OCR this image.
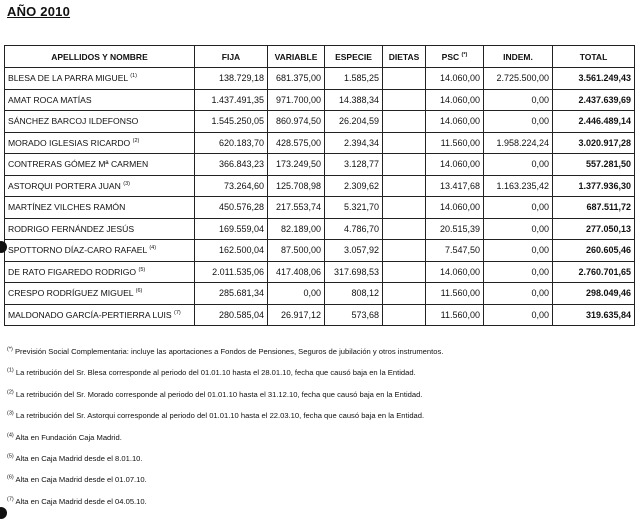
AÑO 2010
APELLIDOS Y NOMBRE	FIJA	VARIABLE	ESPECIE	DIETAS	PSC (*)	INDEM.	TOTAL
BLESA DE LA PARRA MIGUEL $^{(1)}$	138.729,18	681.375,00	1.585,25		14.060,00	2.725.500,00	3.561.249,43
AMAT ROCA MATÍAS	1.437.491,35	971.700,00	14.388,34		14.060,00	0,00	2.437.639,69
SÁNCHEZ BARCOJ ILDEFONSO	1.545.250,05	860.974,50	26.204,59		14.060,00	0,00	2.446.489,14
MORADO IGLESIAS RICARDO $^{(2)}$	620.183,70	428.575,00	2.394,34		11.560,00	1.958.224,24	3.020.917,28
CONTRERAS GÓMEZ Mª CARMEN	366.843,23	173.249,50	3.128,77		14.060,00	0,00	557.281,50
ASTORQUI PORTERA JUAN $^{(3)}$	73.264,60	125.708,98	2.309,62		13.417,68	1.163.235,42	1.377.936,30
MARTÍNEZ VILCHES RAMÓN	450.576,28	217.553,74	5.321,70		14.060,00	0,00	687.511,72
RODRIGO FERNÁNDEZ JESÚS	169.559,04	82.189,00	4.786,70		20.515,39	0,00	277.050,13
SPOTTORNO DÍAZ-CARO RAFAEL $^{(4)}$	162.500,04	87.500,00	3.057,92		7.547,50	0,00	260.605,46
DE RATO FIGAREDO RODRIGO $^{(5)}$	2.011.535,06	417.408,06	317.698,53		14.060,00	0,00	2.760.701,65
CRESPO RODRÍGUEZ MIGUEL $^{(6)}$	285.681,34	0,00	808,12		11.560,00	0,00	298.049,46
MALDONADO GARCÍA-PERTIERRA LUIS $^{(7)}$	280.585,04	26.917,12	573,68		11.560,00	0,00	319.635,84
(*) Previsión Social Complementaria: incluye las aportaciones a Fondos de Pensiones, Seguros de jubilación y otros instrumentos.
$^{(1)}$ La retribución del Sr. Blesa corresponde al periodo del 01.01.10 hasta el 28.01.10, fecha que causó baja en la Entidad.
$^{(2)}$ La retribución del Sr. Morado corresponde al periodo del 01.01.10 hasta el 31.12.10, fecha que causó baja en la Entidad.
$^{(3)}$ La retribución del Sr. Astorqui corresponde al periodo del 01.01.10 hasta el 22.03.10, fecha que causó baja en la Entidad.
$^{(4)}$ Alta en Fundación Caja Madrid.
$^{(5)}$ Alta en Caja Madrid desde el 8.01.10.
$^{(6)}$ Alta en Caja Madrid desde el 01.07.10.
$^{(7)}$ Alta en Caja Madrid desde el 04.05.10.
